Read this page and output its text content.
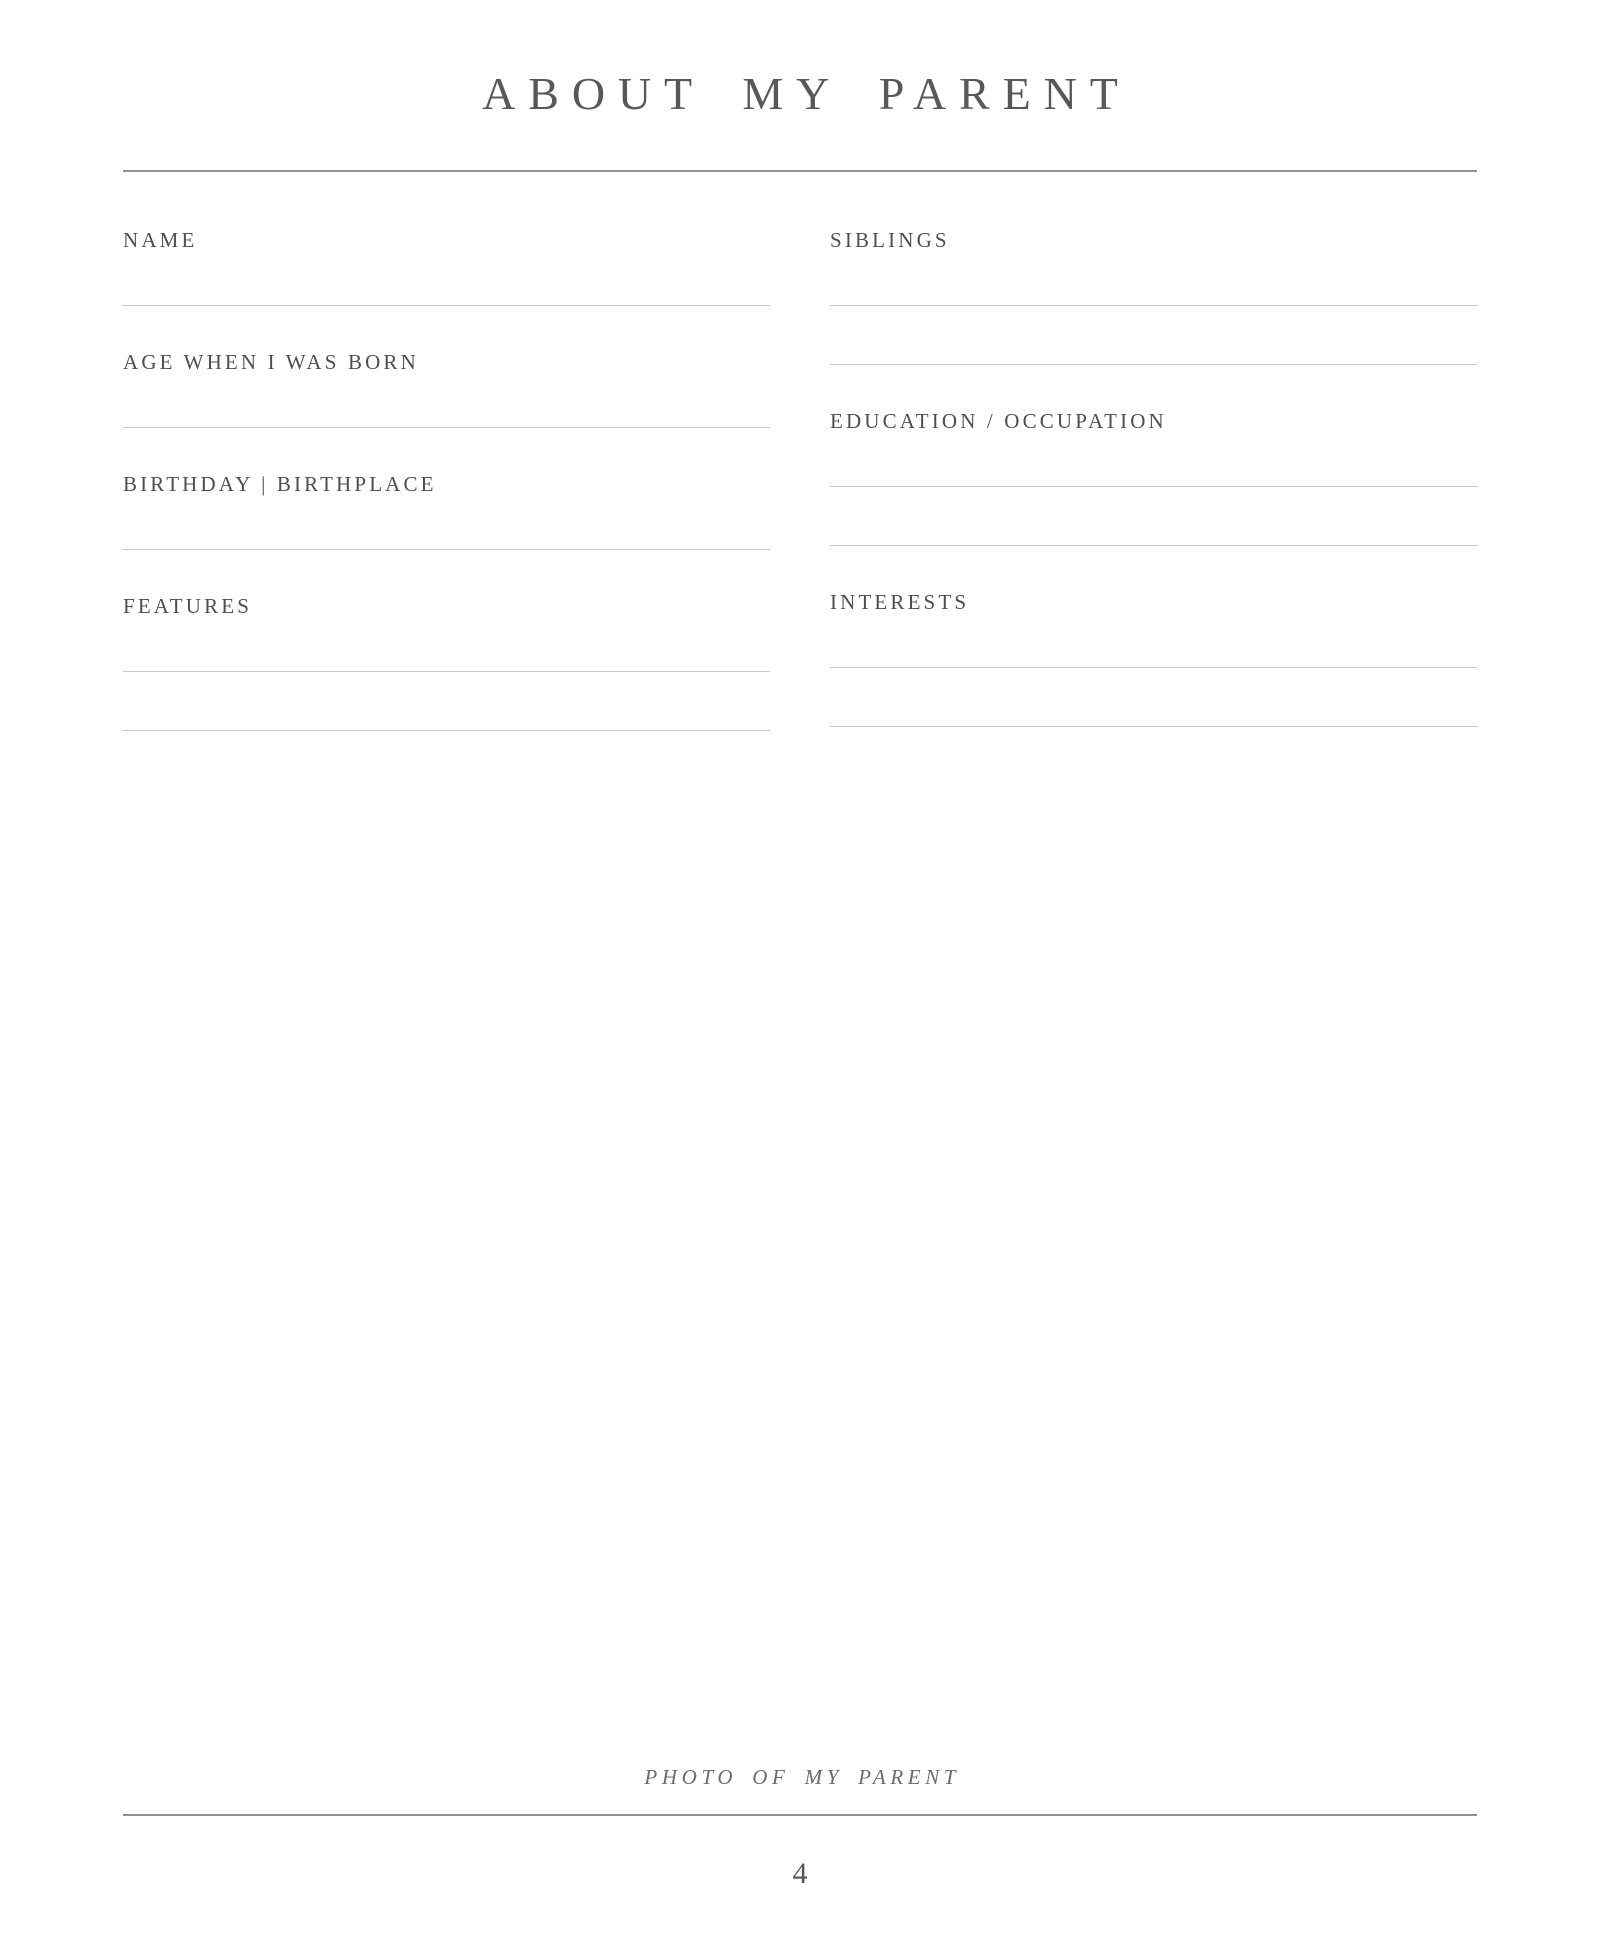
ABOUT MY PARENT
NAME
AGE WHEN I WAS BORN
BIRTHDAY | BIRTHPLACE
FEATURES
SIBLINGS
EDUCATION / OCCUPATION
INTERESTS
PHOTO OF MY PARENT
4
